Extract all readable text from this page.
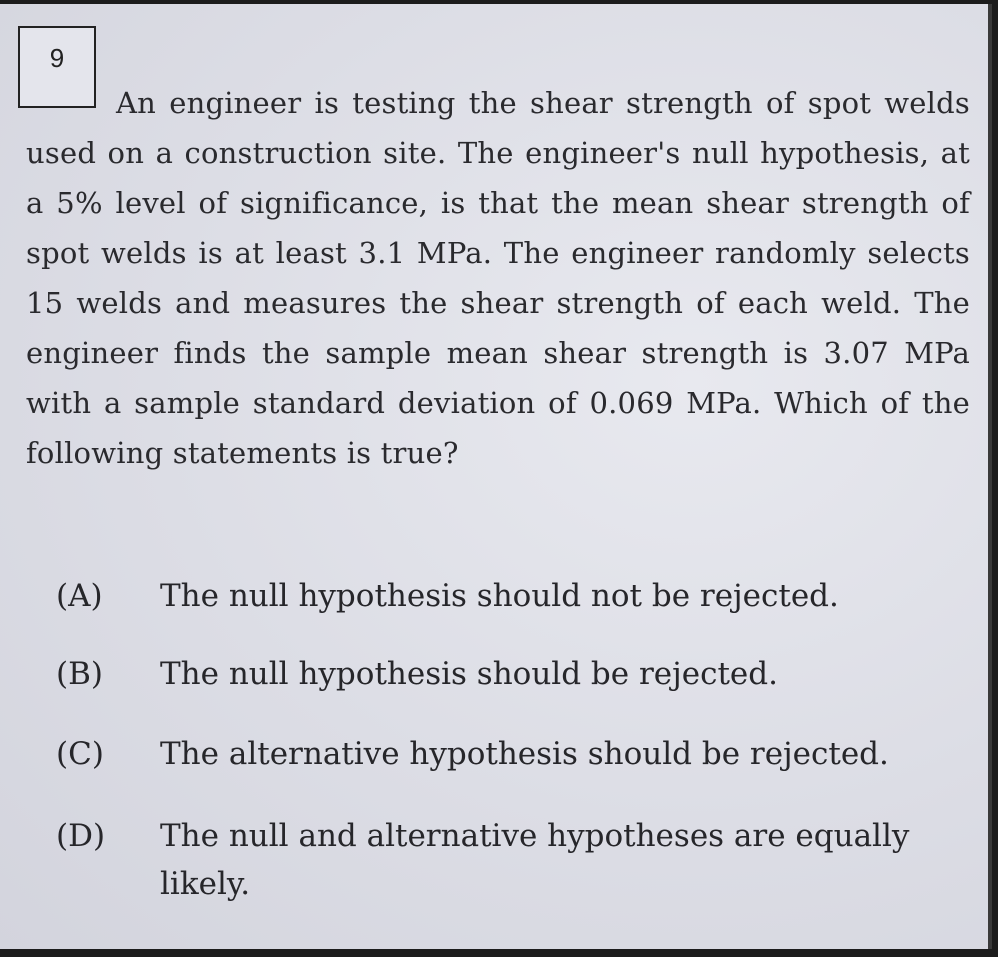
9
An engineer is testing the shear strength of spot welds used on a construction site. The engineer's null hypothesis, at a 5% level of significance, is that the mean shear strength of spot welds is at least 3.1 MPa. The engineer randomly selects 15 welds and measures the shear strength of each weld. The engineer finds the sample mean shear strength is 3.07 MPa with a sample standard deviation of 0.069 MPa. Which of the following statements is true?
(A)	The null hypothesis should not be rejected.
(B)	The null hypothesis should be rejected.
(C)	The alternative hypothesis should be rejected.
(D)	The null and alternative hypotheses are equally likely.
